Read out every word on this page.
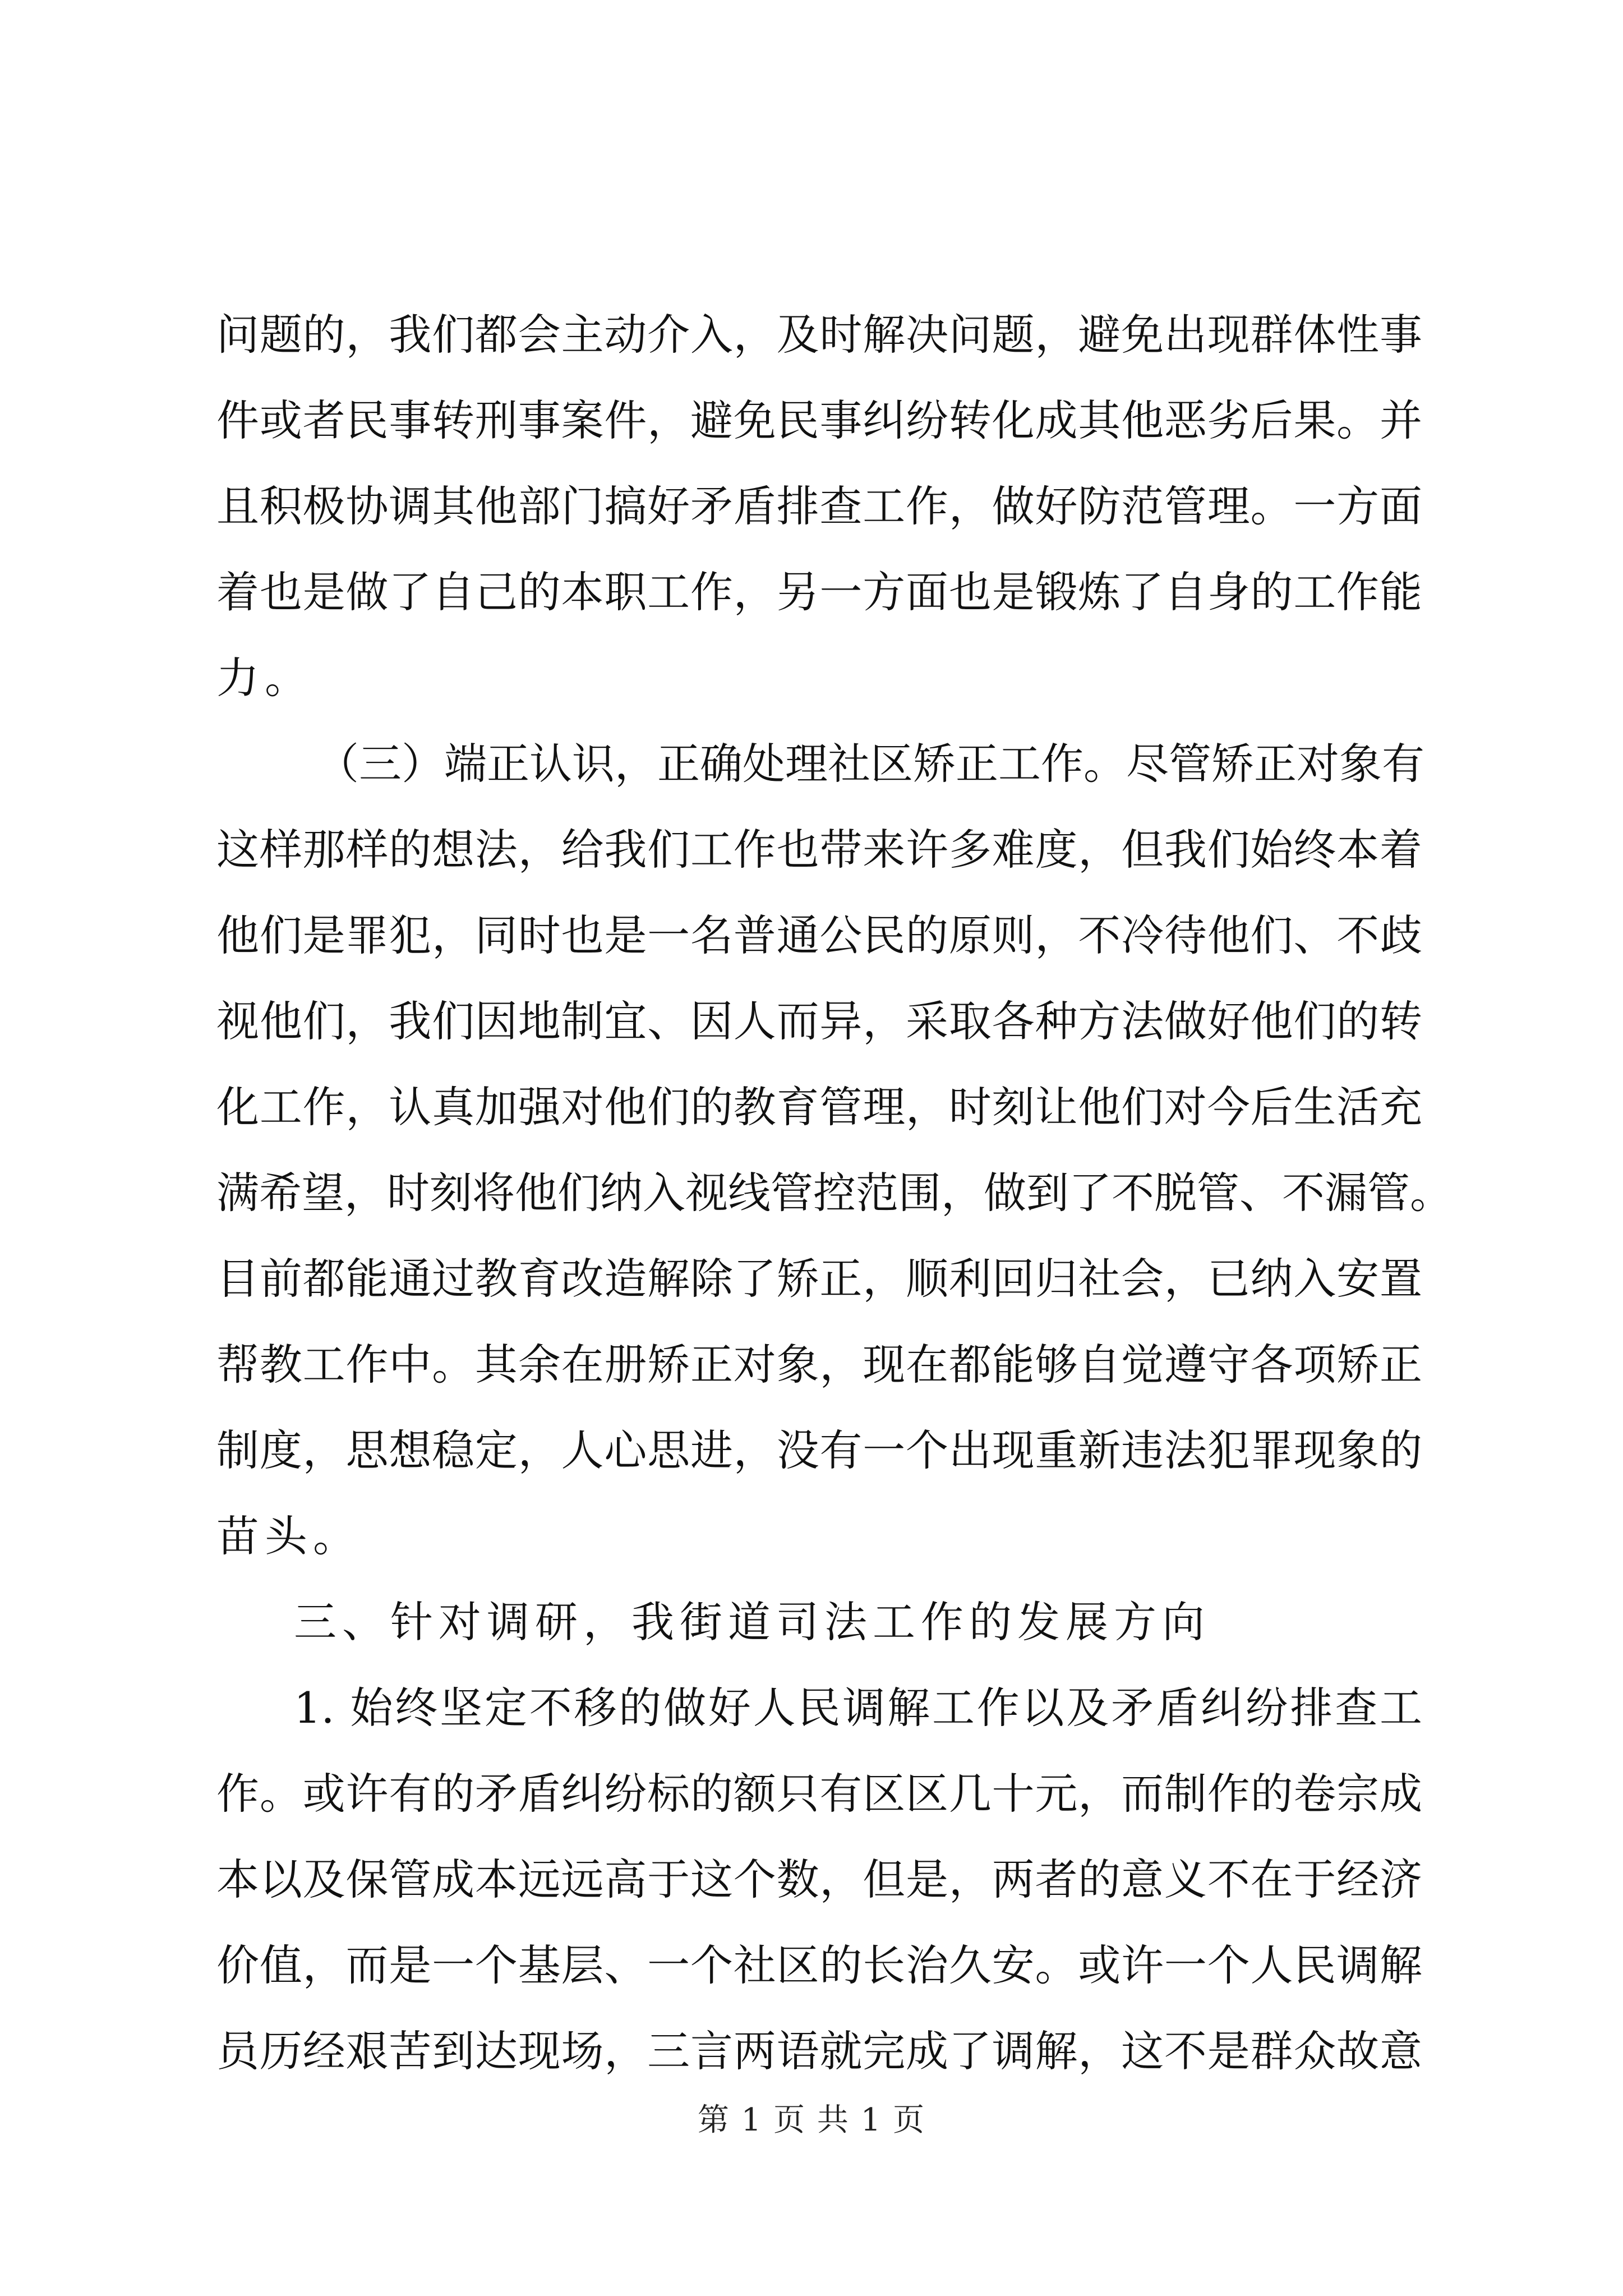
问题的，我们都会主动介入，及时解决问题，避免出现群体性事
件或者民事转刑事案件，避免民事纠纷转化成其他恶劣后果。并
且积极协调其他部门搞好矛盾排查工作，做好防范管理。一方面
着也是做了自己的本职工作，另一方面也是锻炼了自身的工作能
力。
（三）端正认识，正确处理社区矫正工作。尽管矫正对象有
这样那样的想法，给我们工作也带来许多难度，但我们始终本着
他们是罪犯，同时也是一名普通公民的原则，不冷待他们、不歧
视他们，我们因地制宜、因人而异，采取各种方法做好他们的转
化工作，认真加强对他们的教育管理，时刻让他们对今后生活充
满希望，时刻将他们纳入视线管控范围，做到了不脱管、不漏管。
目前都能通过教育改造解除了矫正，顺利回归社会，已纳入安置
帮教工作中。其余在册矫正对象，现在都能够自觉遵守各项矫正
制度，思想稳定，人心思进，没有一个出现重新违法犯罪现象的
苗头。
三、针对调研，我街道司法工作的发展方向
1. 始终坚定不移的做好人民调解工作以及矛盾纠纷排查工
作。或许有的矛盾纠纷标的额只有区区几十元，而制作的卷宗成
本以及保管成本远远高于这个数，但是，两者的意义不在于经济
价值，而是一个基层、一个社区的长治久安。或许一个人民调解
员历经艰苦到达现场，三言两语就完成了调解，这不是群众故意
第 1 页 共 1 页
